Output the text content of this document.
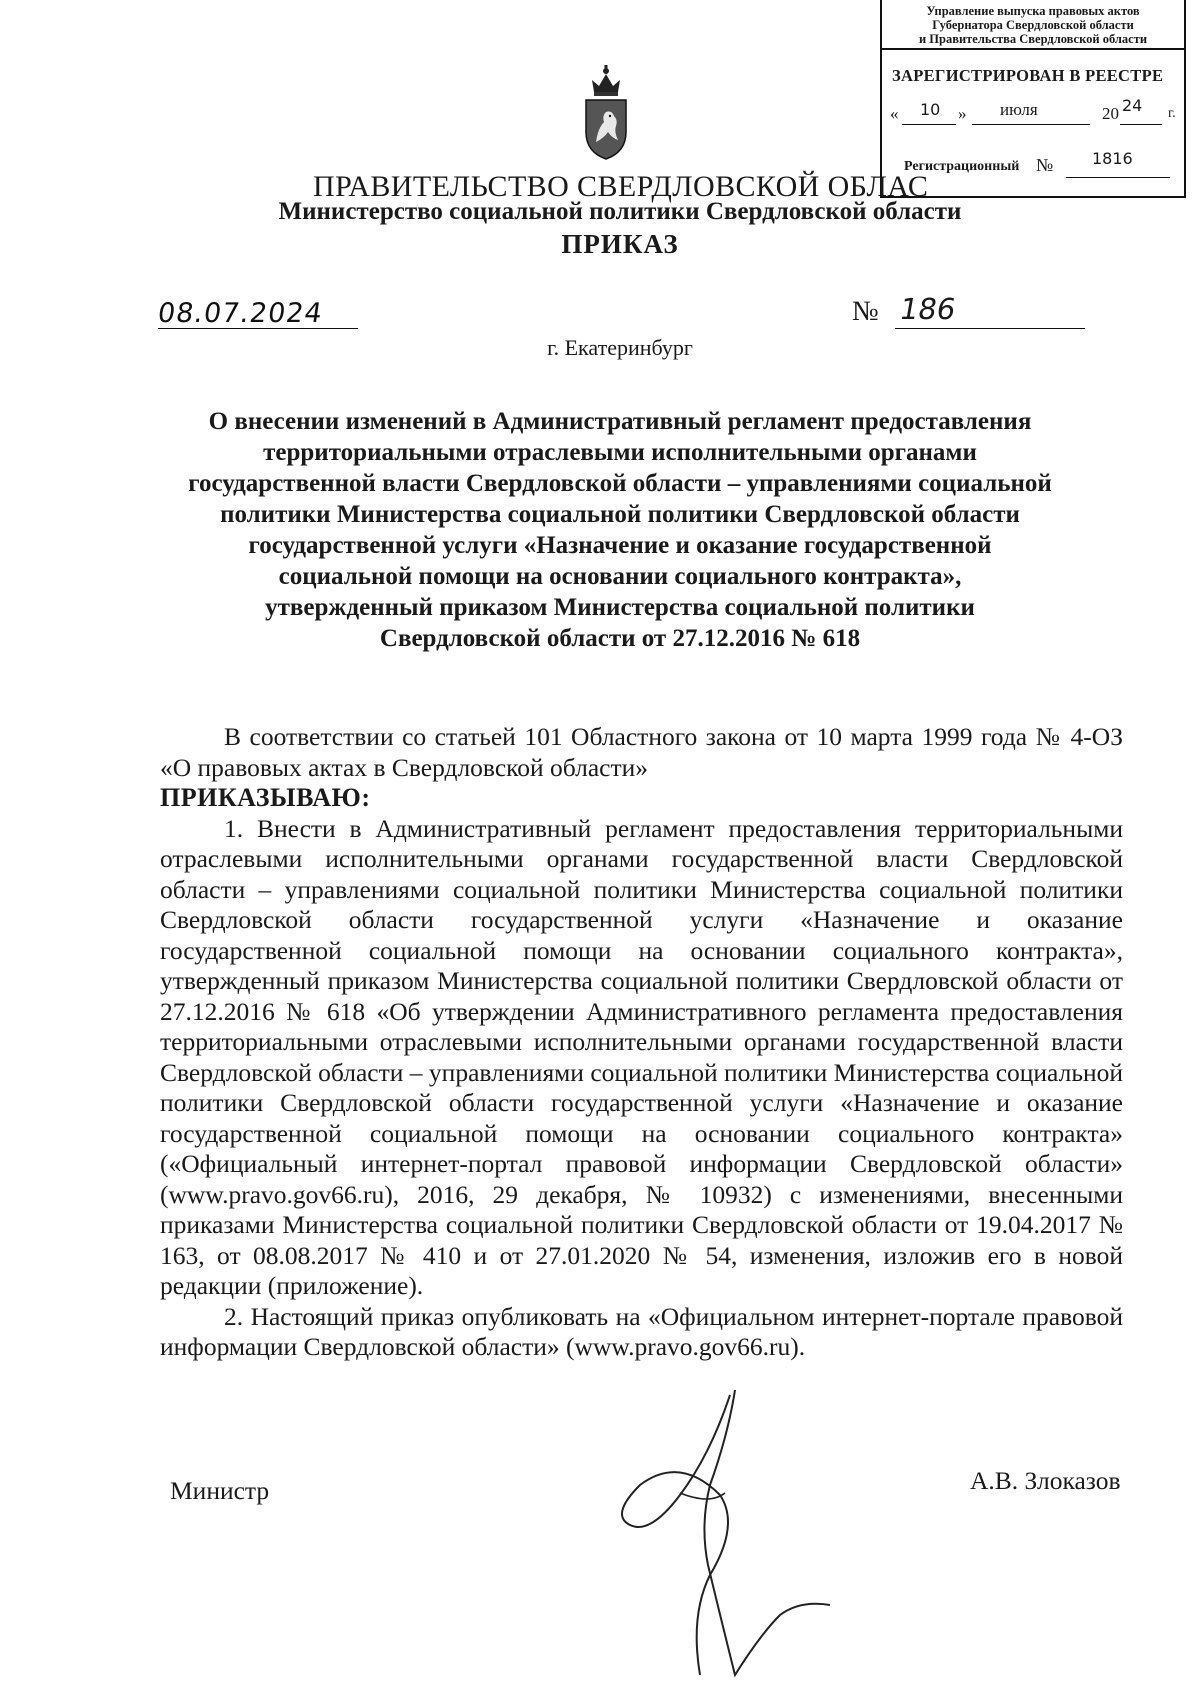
Управление выпуска правовых актов
Губернатора Свердловской области
и Правительства Свердловской области
ЗАРЕГИСТРИРОВАН В РЕЕСТРЕ
« 10 » июля	20 24 г.
Регистрационный № 1816
ПРАВИТЕЛЬСТВО СВЕРДЛОВСКОЙ ОБЛАС
Министерство социальной политики Свердловской области
ПРИКАЗ
08.07.2024	№ 186
г. Екатеринбург
О внесении изменений в Административный регламент предоставления
территориальными отраслевыми исполнительными органами
государственной власти Свердловской области – управлениями социальной
политики Министерства социальной политики Свердловской области
государственной услуги «Назначение и оказание государственной
социальной помощи на основании социального контракта»,
утвержденный приказом Министерства социальной политики
Свердловской области от 27.12.2016 № 618

В соответствии со статьей 101 Областного закона от 10 марта 1999 года № 4-ОЗ «О правовых актах в Свердловской области»

ПРИКАЗЫВАЮ:

1. Внести в Административный регламент предоставления территориальными отраслевыми исполнительными органами государственной власти Свердловской области – управлениями социальной политики Министерства социальной политики Свердловской области государственной услуги «Назначение и оказание государственной социальной помощи на основании социального контракта», утвержденный приказом Министерства социальной политики Свердловской области от 27.12.2016 № 618 «Об утверждении Административного регламента предоставления территориальными отраслевыми исполнительными органами государственной власти Свердловской области – управлениями социальной политики Министерства социальной политики Свердловской области государственной услуги «Назначение и оказание государственной социальной помощи на основании социального контракта» («Официальный интернет-портал правовой информации Свердловской области» (www.pravo.gov66.ru), 2016, 29 декабря, № 10932) с изменениями, внесенными приказами Министерства социальной политики Свердловской области от 19.04.2017 № 163, от 08.08.2017 № 410 и от 27.01.2020 № 54, изменения, изложив его в новой редакции (приложение).

2. Настоящий приказ опубликовать на «Официальном интернет-портале правовой информации Свердловской области» (www.pravo.gov66.ru).

Министр	А.В. Злоказов
